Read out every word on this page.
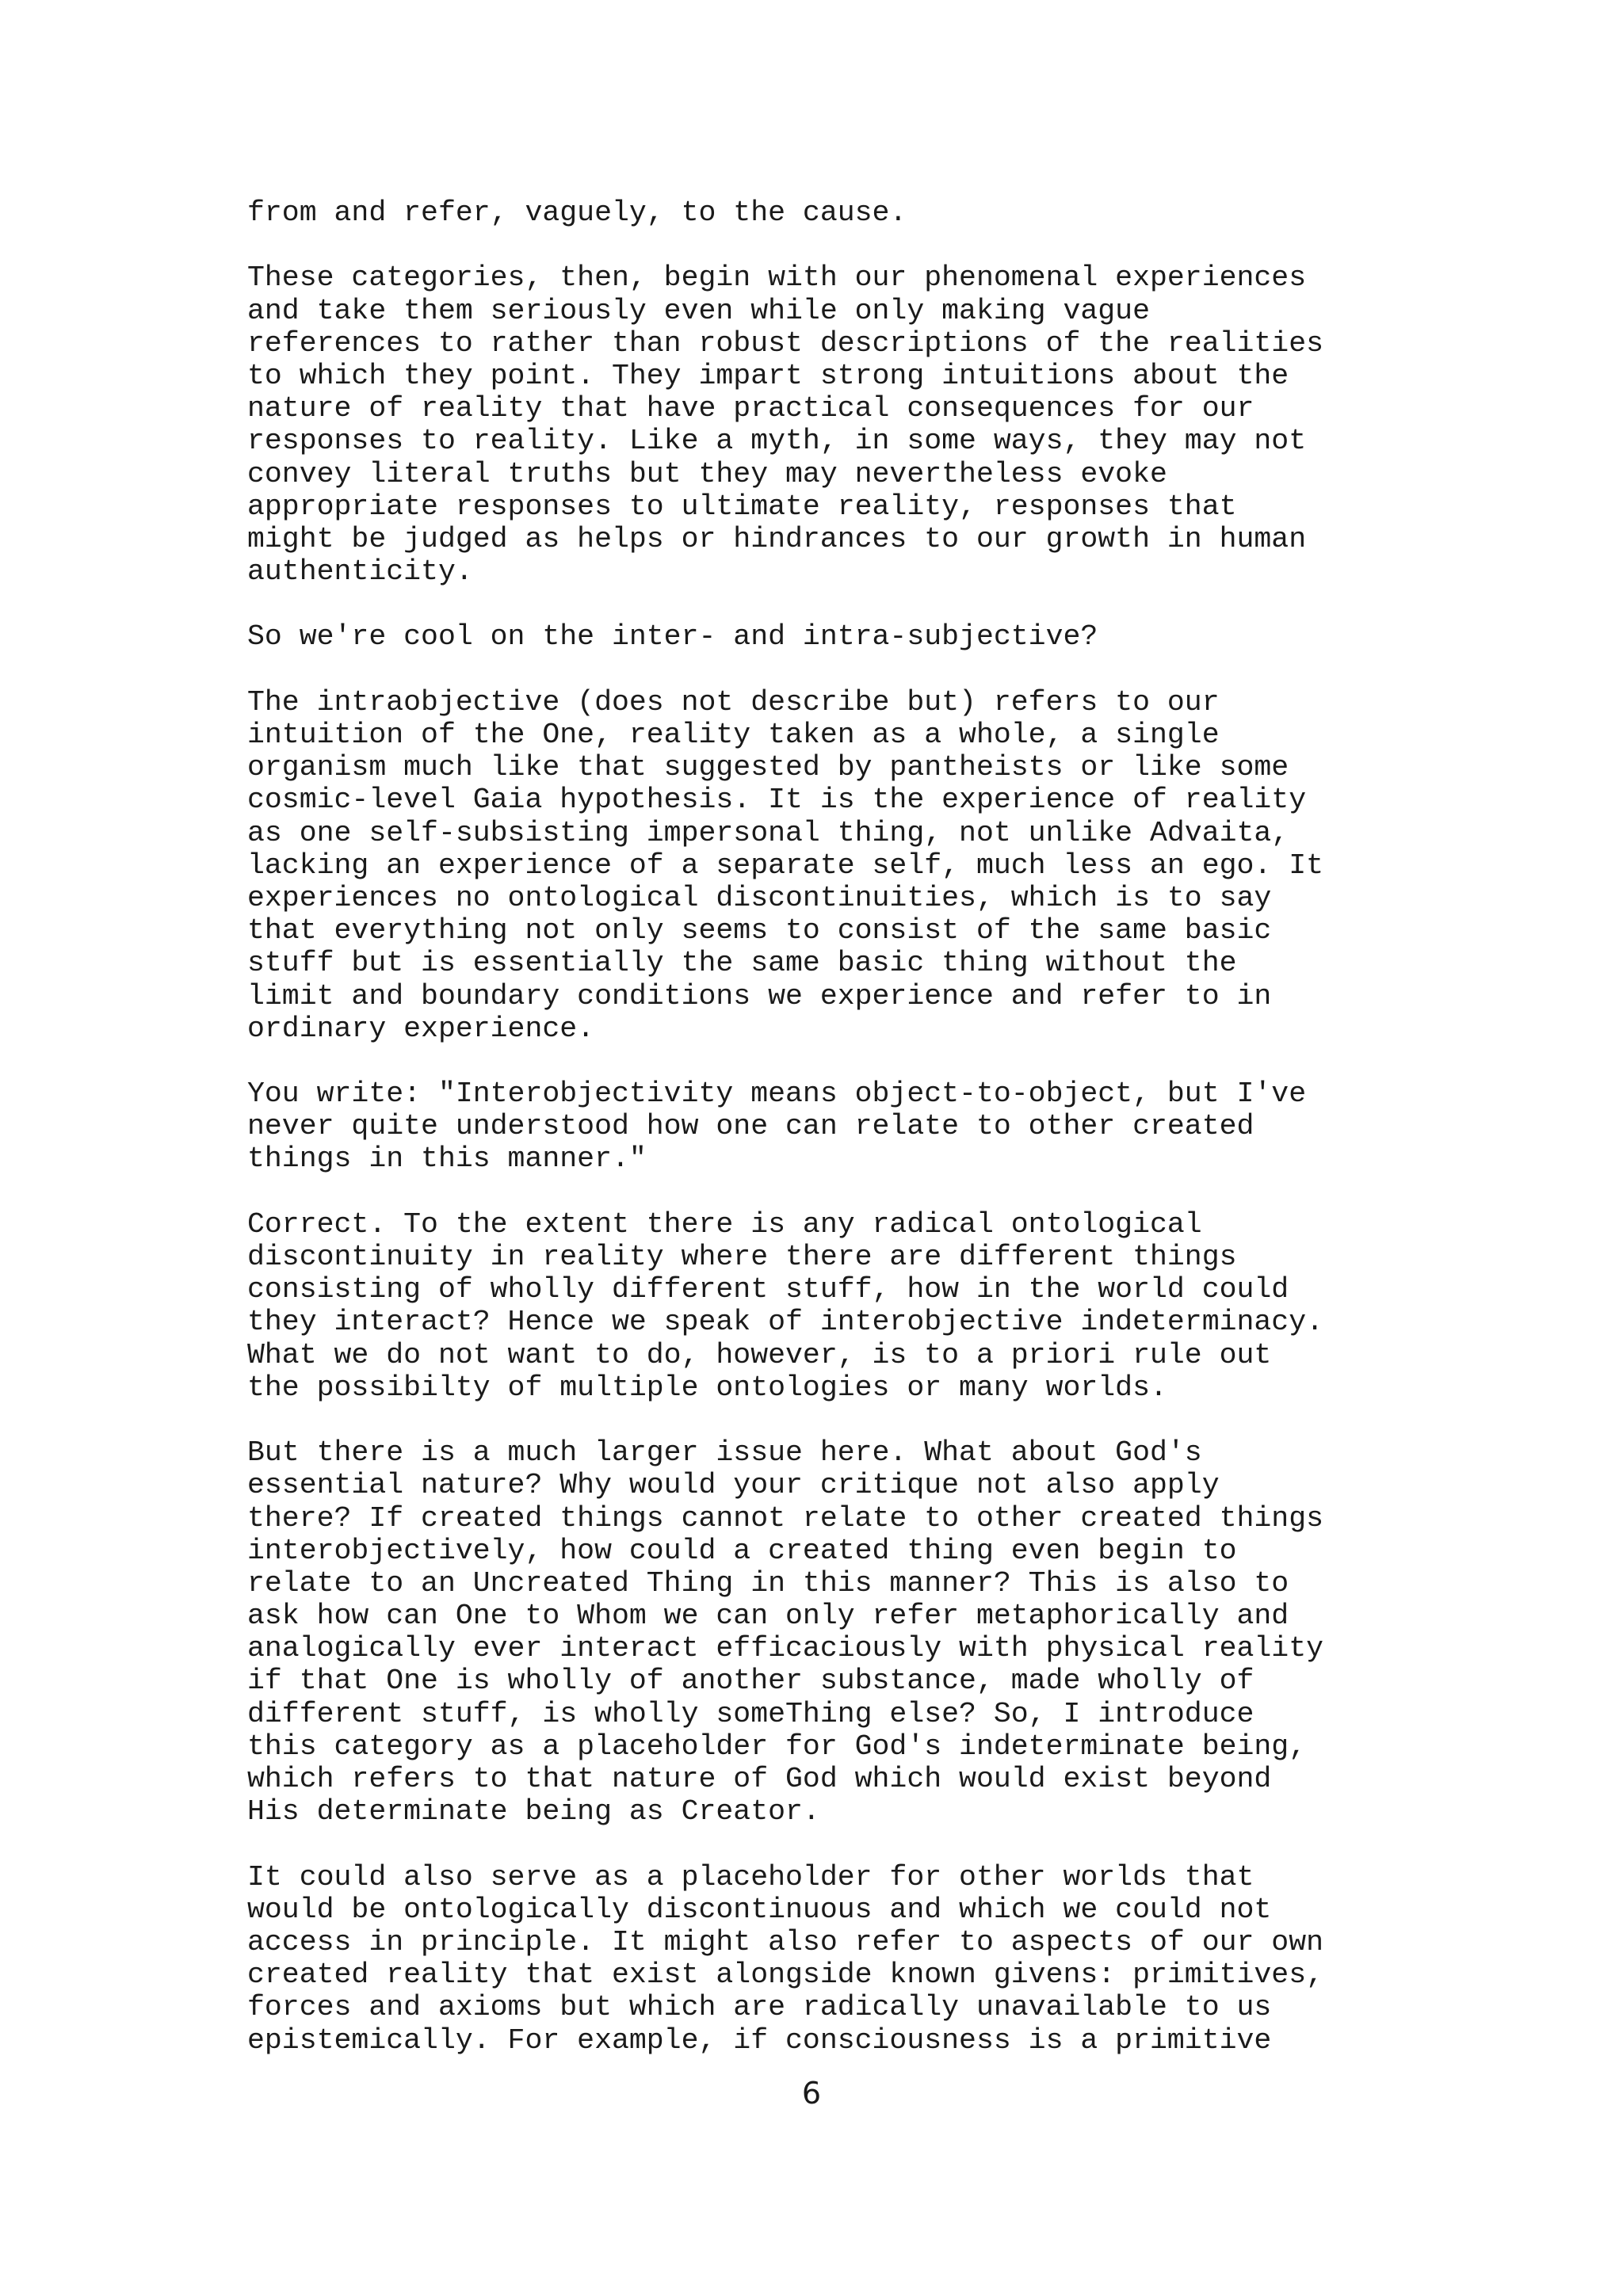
from and refer, vaguely, to the cause.
These categories, then, begin with our phenomenal experiences
and take them seriously even while only making vague
references to rather than robust descriptions of the realities
to which they point. They impart strong intuitions about the
nature of reality that have practical consequences for our
responses to reality. Like a myth, in some ways, they may not
convey literal truths but they may nevertheless evoke
appropriate responses to ultimate reality, responses that
might be judged as helps or hindrances to our growth in human
authenticity.
So we're cool on the inter- and intra-subjective?
The intraobjective (does not describe but) refers to our
intuition of the One, reality taken as a whole, a single
organism much like that suggested by pantheists or like some
cosmic-level Gaia hypothesis. It is the experience of reality
as one self-subsisting impersonal thing, not unlike Advaita,
lacking an experience of a separate self, much less an ego. It
experiences no ontological discontinuities, which is to say
that everything not only seems to consist of the same basic
stuff but is essentially the same basic thing without the
limit and boundary conditions we experience and refer to in
ordinary experience.
You write: "Interobjectivity means object-to-object, but I've
never quite understood how one can relate to other created
things in this manner."
Correct. To the extent there is any radical ontological
discontinuity in reality where there are different things
consisting of wholly different stuff, how in the world could
they interact? Hence we speak of interobjective indeterminacy.
What we do not want to do, however, is to a priori rule out
the possibilty of multiple ontologies or many worlds.
But there is a much larger issue here. What about God's
essential nature? Why would your critique not also apply
there? If created things cannot relate to other created things
interobjectively, how could a created thing even begin to
relate to an Uncreated Thing in this manner? This is also to
ask how can One to Whom we can only refer metaphorically and
analogically ever interact efficaciously with physical reality
if that One is wholly of another substance, made wholly of
different stuff, is wholly someThing else? So, I introduce
this category as a placeholder for God's indeterminate being,
which refers to that nature of God which would exist beyond
His determinate being as Creator.
It could also serve as a placeholder for other worlds that
would be ontologically discontinuous and which we could not
access in principle. It might also refer to aspects of our own
created reality that exist alongside known givens: primitives,
forces and axioms but which are radically unavailable to us
epistemically. For example, if consciousness is a primitive
6
